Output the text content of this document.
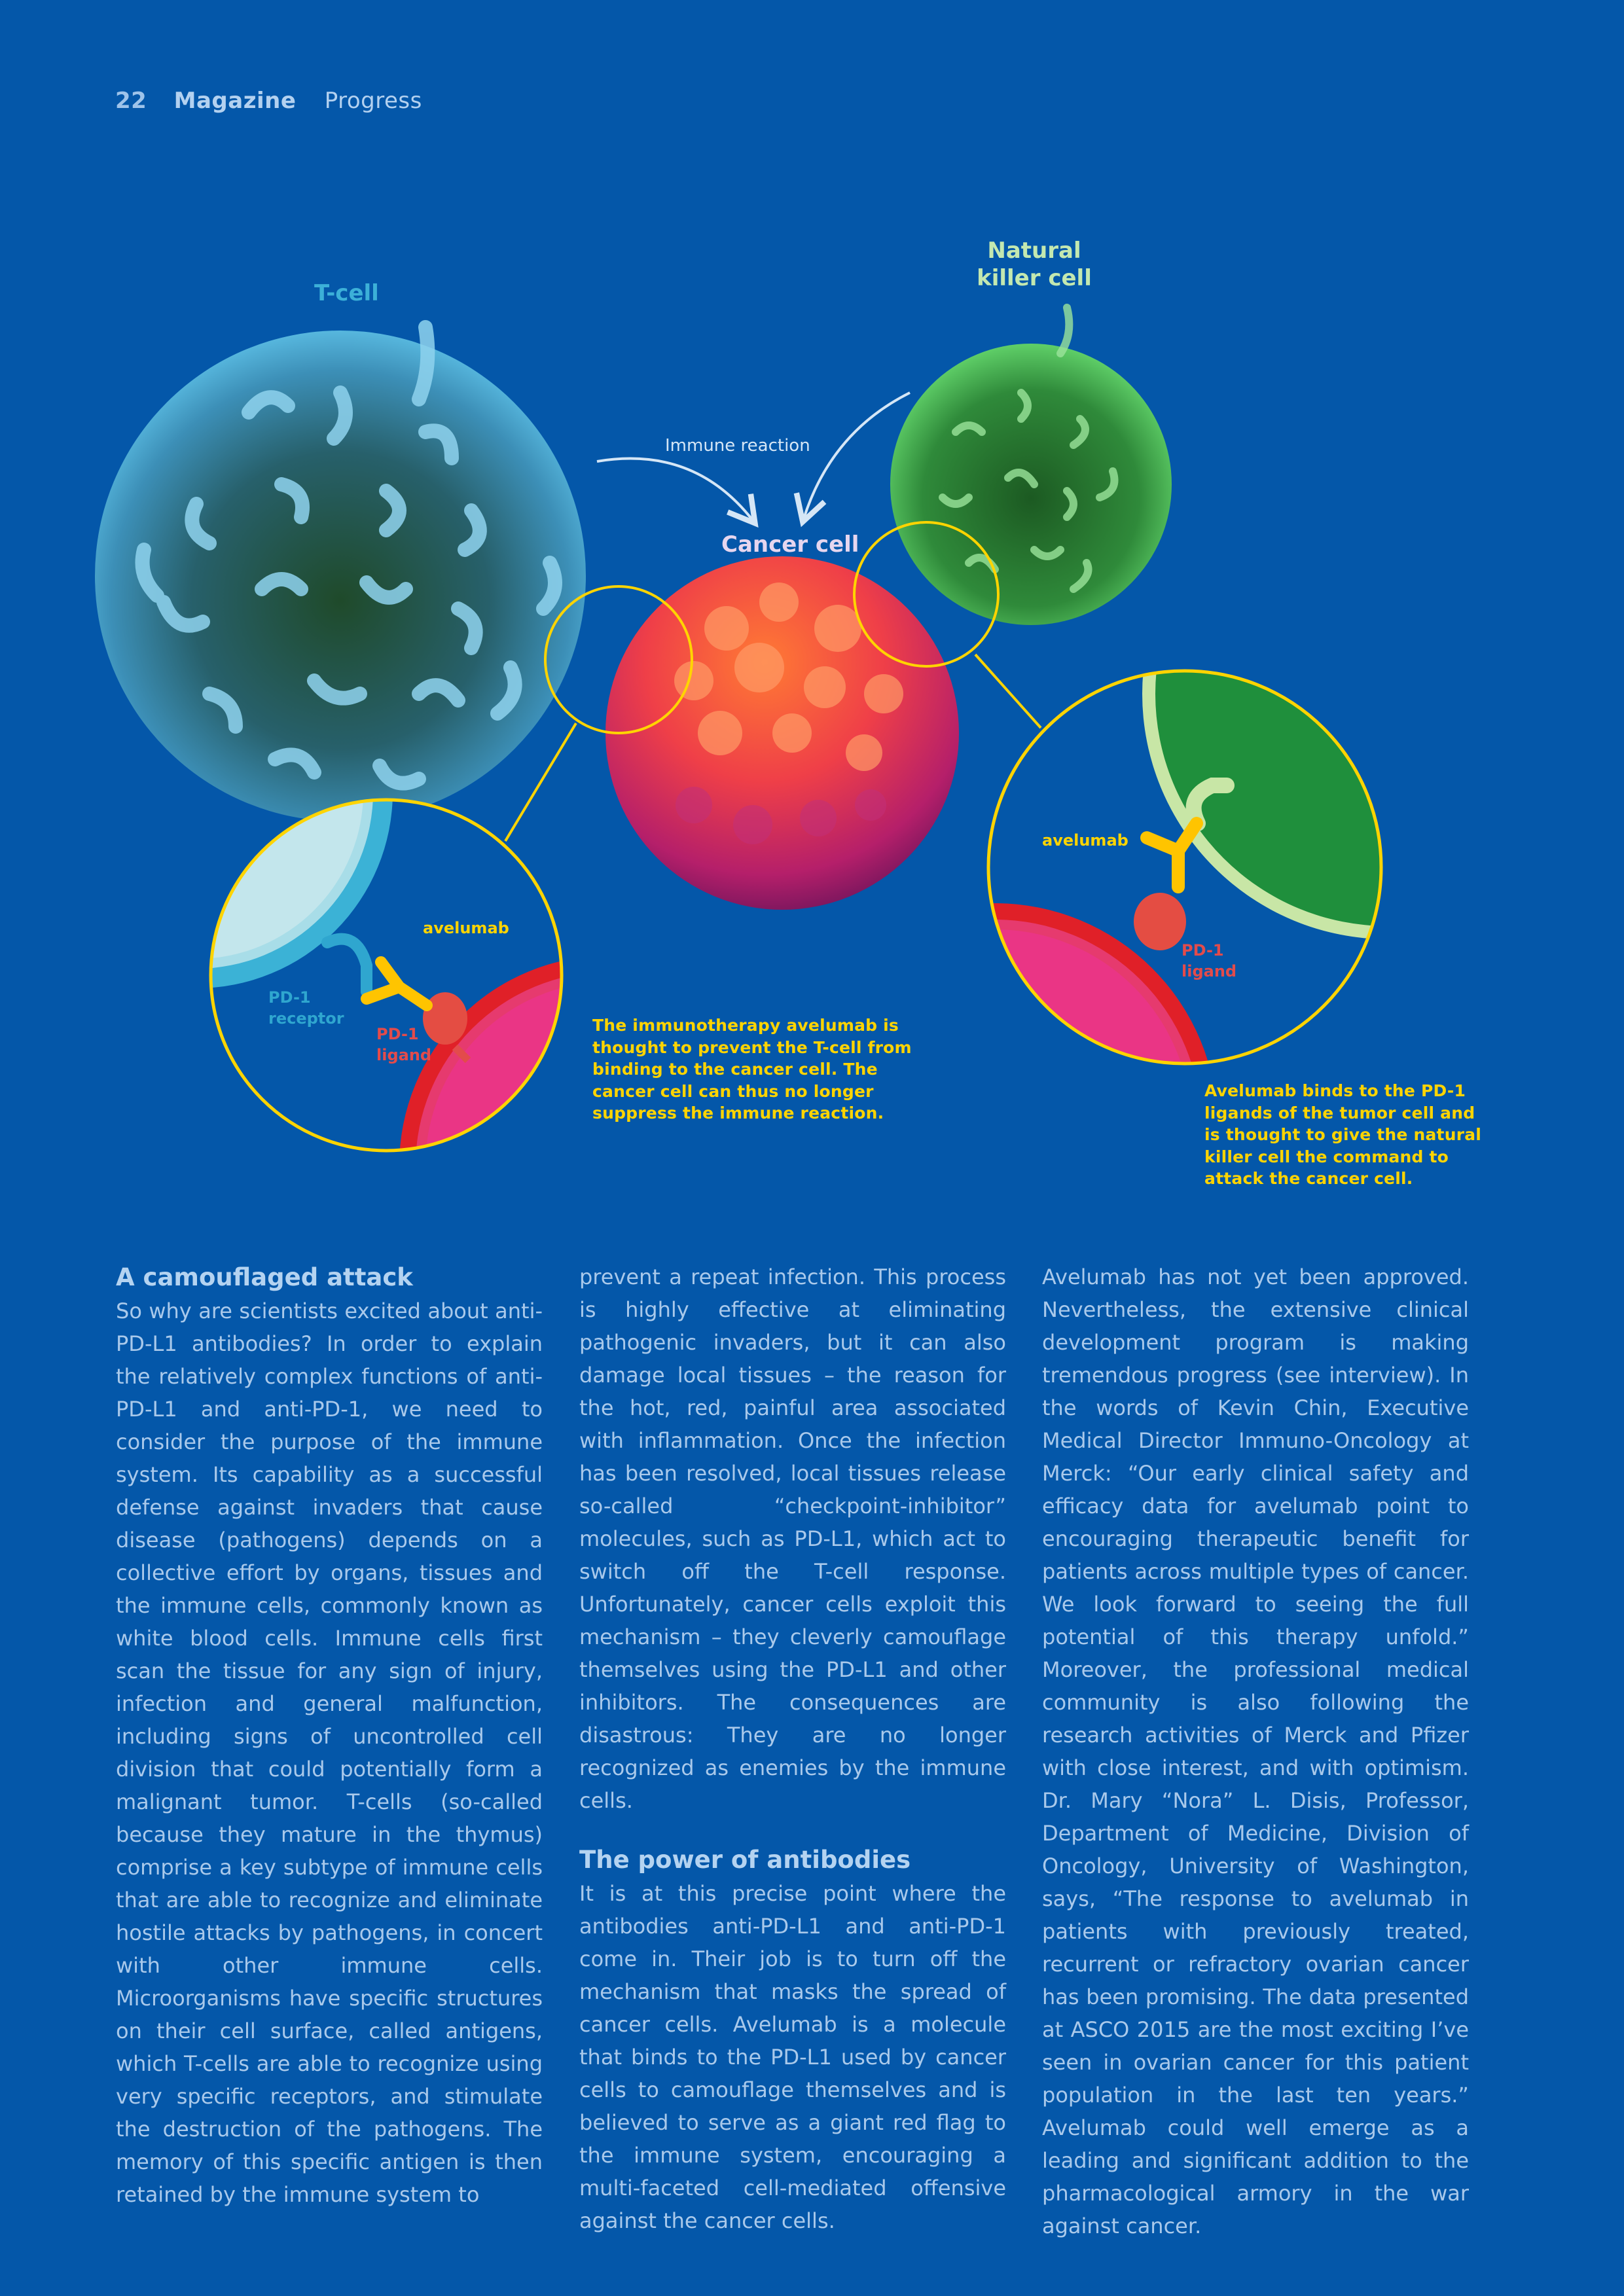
22 Magazine Progress
T-cell
Natural killer cell
Cancer cell
Immune reaction
avelumab
PD-1 receptor
PD-1 ligand
avelumab
PD-1 ligand
The immunotherapy avelumab is thought to prevent the T-cell from binding to the cancer cell. The cancer cell can thus no longer suppress the immune reaction.
Avelumab binds to the PD-1 ligands of the tumor cell and is thought to give the natural killer cell the command to attack the cancer cell.
A camouflaged attack

So why are scientists excited about anti-PD-L1 antibodies? In order to explain the relatively complex functions of anti-PD-L1 and anti-PD-1, we need to consider the purpose of the immune system. Its capability as a successful defense against invaders that cause disease (pathogens) depends on a collective effort by organs, tissues and the immune cells, commonly known as white blood cells. Immune cells first scan the tissue for any sign of injury, infection and general malfunction, including signs of uncontrolled cell division that could potentially form a malignant tumor. T-cells (so-called because they mature in the thymus) comprise a key subtype of immune cells that are able to recognize and eliminate hostile attacks by pathogens, in concert with other immune cells. Microorganisms have specific structures on their cell surface, called antigens, which T-cells are able to recognize using very specific receptors, and stimulate the destruction of the pathogens. The memory of this specific antigen is then retained by the immune system to

prevent a repeat infection. This process is highly effective at eliminating pathogenic invaders, but it can also damage local tissues – the reason for the hot, red, painful area associated with inflammation. Once the infection has been resolved, local tissues release so-called “checkpoint-inhibitor” molecules, such as PD-L1, which act to switch off the T-cell response. Unfortunately, cancer cells exploit this mechanism – they cleverly camouflage themselves using the PD-L1 and other inhibitors. The consequences are disastrous: They are no longer recognized as enemies by the immune cells.

The power of antibodies

It is at this precise point where the antibodies anti-PD-L1 and anti-PD-1 come in. Their job is to turn off the mechanism that masks the spread of cancer cells. Avelumab is a molecule that binds to the PD-L1 used by cancer cells to camouflage themselves and is believed to serve as a giant red flag to the immune system, encouraging a multi-faceted cell-mediated offensive against the cancer cells.

Avelumab has not yet been approved. Nevertheless, the extensive clinical development program is making tremendous progress (see interview). In the words of Kevin Chin, Executive Medical Director Immuno-Oncology at Merck: “Our early clinical safety and efficacy data for avelumab point to encouraging therapeutic benefit for patients across multiple types of cancer. We look forward to seeing the full potential of this therapy unfold.” Moreover, the professional medical community is also following the research activities of Merck and Pfizer with close interest, and with optimism. Dr. Mary “Nora” L. Disis, Professor, Department of Medicine, Division of Oncology, University of Washington, says, “The response to avelumab in patients with previously treated, recurrent or refractory ovarian cancer has been promising. The data presented at ASCO 2015 are the most exciting I’ve seen in ovarian cancer for this patient population in the last ten years.” Avelumab could well emerge as a leading and significant addition to the pharmacological armory in the war against cancer.
